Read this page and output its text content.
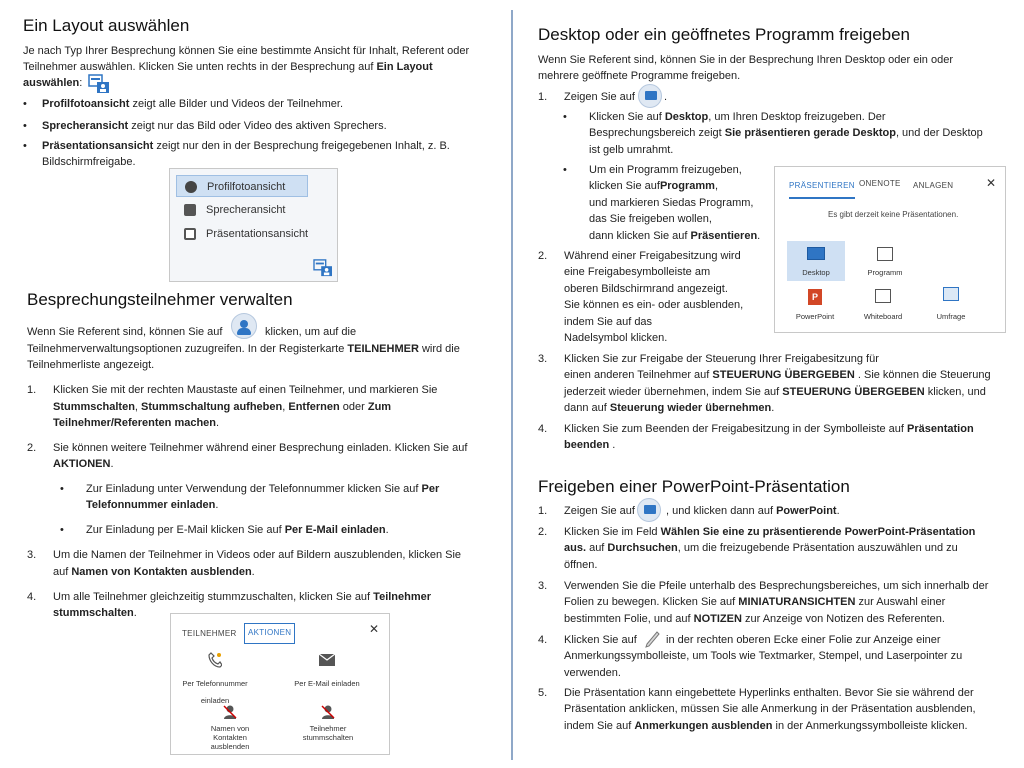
Ein Layout auswählen

Je nach Typ Ihrer Besprechung können Sie eine bestimmte Ansicht für Inhalt, Referent oder

Teilnehmer auswählen. Klicken Sie unten rechts in der Besprechung auf Ein Layout

auswählen:

• Profilfotoansicht zeigt alle Bilder und Videos der Teilnehmer.
• Sprecheransicht zeigt nur das Bild oder Video des aktiven Sprechers.
• Präsentationsansicht zeigt nur den in der Besprechung freigegebenen Inhalt, z. B.
Bildschirmfreigabe.
Profilfotoansicht
Sprecheransicht
Präsentationsansicht
Besprechungsteilnehmer verwalten

Wenn Sie Referent sind, können Sie auf	klicken, um auf die

Teilnehmerverwaltungsoptionen zuzugreifen. In der Registerkarte TEILNEHMER wird die

Teilnehmerliste angezeigt.

1. Klicken Sie mit der rechten Maustaste auf einen Teilnehmer, und markieren Sie
Stummschalten, Stummschaltung aufheben, Entfernen oder Zum
Teilnehmer/Referenten machen.
2. Sie können weitere Teilnehmer während einer Besprechung einladen. Klicken Sie auf
AKTIONEN.
• Zur Einladung unter Verwendung der Telefonnummer klicken Sie auf Per
Telefonnummer einladen.
• Zur Einladung per E-Mail klicken Sie auf Per E-Mail einladen.
3. Um die Namen der Teilnehmer in Videos oder auf Bildern auszublenden, klicken Sie
auf Namen von Kontakten ausblenden.
4. Um alle Teilnehmer gleichzeitig stummzuschalten, klicken Sie auf Teilnehmer
stummschalten.
TEILNEHMER	AKTIONEN	✕
Per Telefonnummer einladen
Per E-Mail einladen
Namen von Kontakten ausblenden
Teilnehmer stummschalten
Desktop oder ein geöffnetes Programm freigeben

Wenn Sie Referent sind, können Sie in der Besprechung Ihren Desktop oder ein oder

mehrere geöffnete Programme freigeben.

1. Zeigen Sie auf	.
• Klicken Sie auf Desktop, um Ihren Desktop freizugeben. Der
Besprechungsbereich zeigt Sie präsentieren gerade Desktop, und der Desktop
ist gelb umrahmt.
• Um ein Programm freizugeben,
klicken Sie aufProgramm,
und markieren Siedas Programm,
das Sie freigeben wollen,
dann klicken Sie auf Präsentieren.
2. Während einer Freigabesitzung wird
eine Freigabesymbolleiste am
oberen Bildschirmrand angezeigt.
Sie können es ein- oder ausblenden,
indem Sie auf das
Nadelsymbol klicken.
PRÄSENTIEREN ONENOTE ANLAGEN	✕
Es gibt derzeit keine Präsentationen.
Desktop	Programm
P
PowerPoint	Whiteboard	Umfrage
3. Klicken Sie zur Freigabe der Steuerung Ihrer Freigabesitzung für
einen anderen Teilnehmer auf STEUERUNG ÜBERGEBEN . Sie können die Steuerung
jederzeit wieder übernehmen, indem Sie auf STEUERUNG ÜBERGEBEN klicken, und
dann auf Steuerung wieder übernehmen.
4. Klicken Sie zum Beenden der Freigabesitzung in der Symbolleiste auf Präsentation
beenden .
Freigeben einer PowerPoint-Präsentation
1. Zeigen Sie auf	, und klicken dann auf PowerPoint.
2. Klicken Sie im Feld Wählen Sie eine zu präsentierende PowerPoint-Präsentation
aus. auf Durchsuchen, um die freizugebende Präsentation auszuwählen und zu
öffnen.
3. Verwenden Sie die Pfeile unterhalb des Besprechungsbereiches, um sich innerhalb der
Folien zu bewegen. Klicken Sie auf MINIATURANSICHTEN zur Auswahl einer
bestimmten Folie, und auf NOTIZEN zur Anzeige von Notizen des Referenten.
4. Klicken Sie auf	in der rechten oberen Ecke einer Folie zur Anzeige einer
Anmerkungssymbolleiste, um Tools wie Textmarker, Stempel, und Laserpointer zu
verwenden.
5. Die Präsentation kann eingebettete Hyperlinks enthalten. Bevor Sie sie während der
Präsentation anklicken, müssen Sie alle Anmerkung in der Präsentation ausblenden,
indem Sie auf Anmerkungen ausblenden in der Anmerkungssymbolleiste klicken.
